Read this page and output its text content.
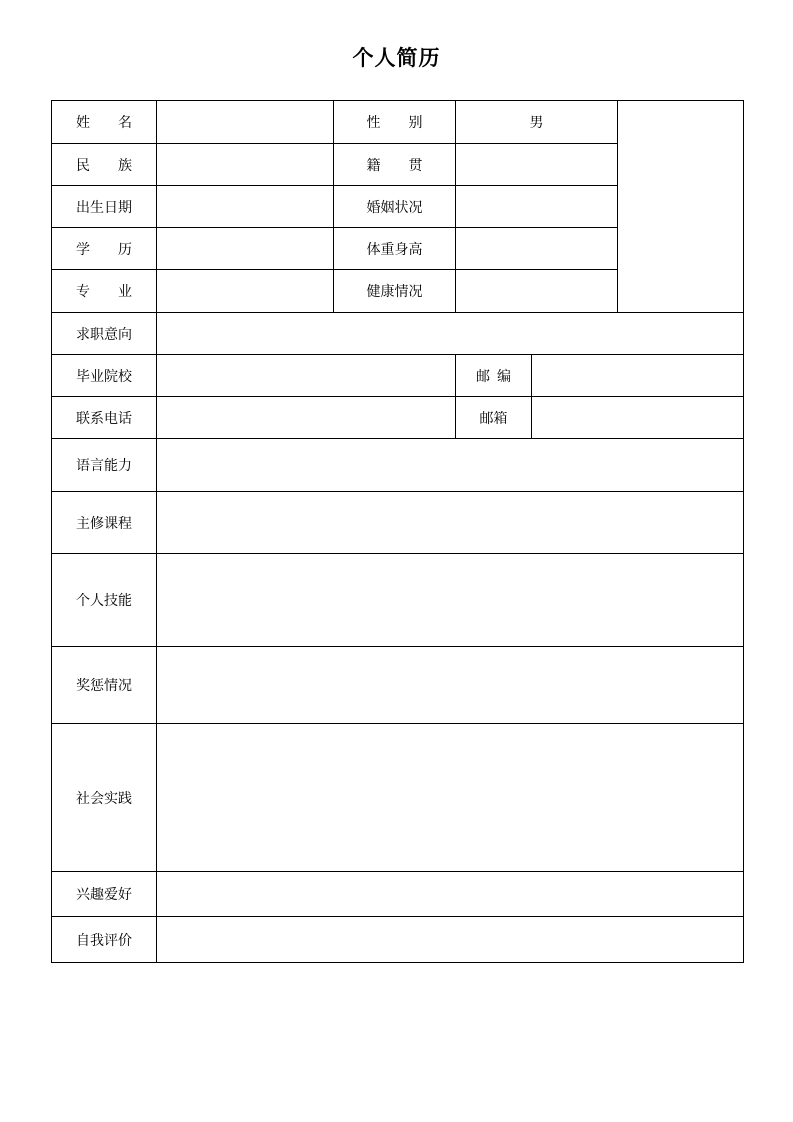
个人简历
姓 名		性 别	男		

民 族		籍 贯			

出生日期		婚姻状况			

学 历		体重身高			

专 业		健康情况			
求职意向					
毕业院校			邮 编		

联系电话			邮箱		
语言能力					
主修课程					
个人技能					
奖惩情况					
社会实践					
兴趣爱好					
自我评价					
